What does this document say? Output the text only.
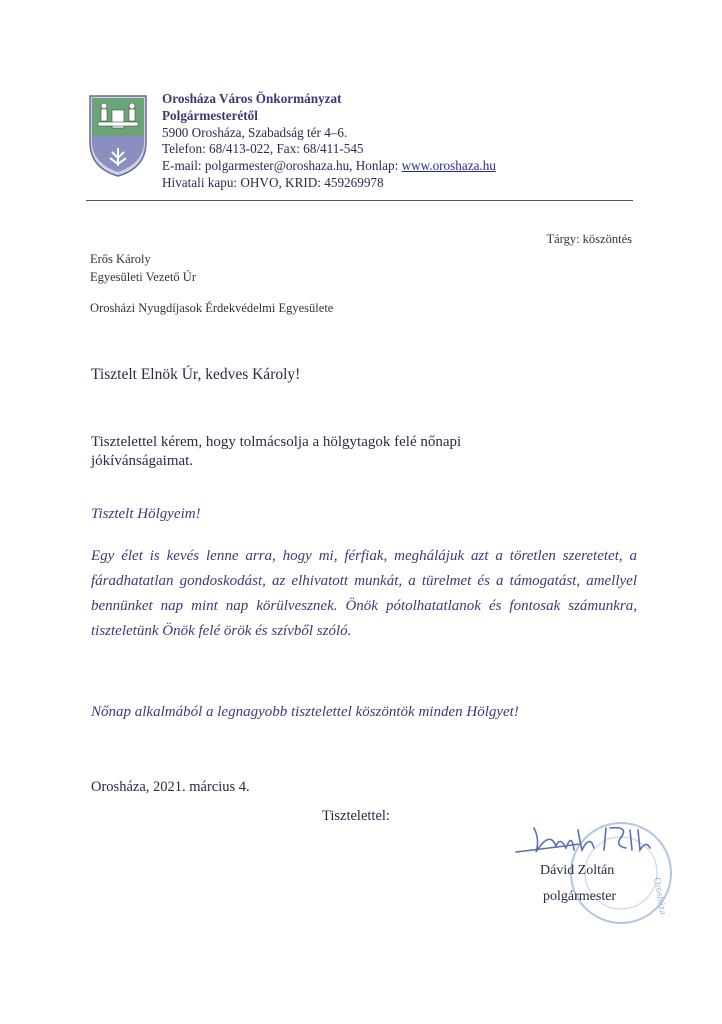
Orosháza Város Önkormányzat
Polgármesterétől
5900 Orosháza, Szabadság tér 4–6.
Telefon: 68/413-022, Fax: 68/411-545
E-mail: polgarmester@oroshaza.hu, Honlap: www.oroshaza.hu
Hivatali kapu: OHVO, KRID: 459269978
Tárgy: köszöntés
Erős Károly
Egyesületi Vezető Úr
Orosházi Nyugdíjasok Érdekvédelmi Egyesülete
Tisztelt Elnök Úr, kedves Károly!
Tisztelettel kérem, hogy tolmácsolja a hölgytagok felé nőnapi
jókívánságaimat.
Tisztelt Hölgyeim!
Egy élet is kevés lenne arra, hogy mi, férfiak, meghálájuk azt a töretlen szeretetet, a fáradhatatlan gondoskodást, az elhivatott munkát, a türelmet és a támogatást, amellyel bennünket nap mint nap körülvesznek. Önök pótolhatatlanok és fontosak számunkra, tiszteletünk Önök felé örök és szívből szóló.
Nőnap alkalmából a legnagyobb tisztelettel köszöntök minden Hölgyet!
Orosháza, 2021. március 4.
Tisztelettel:
Orosháza
Dávid Zoltán
polgármester
